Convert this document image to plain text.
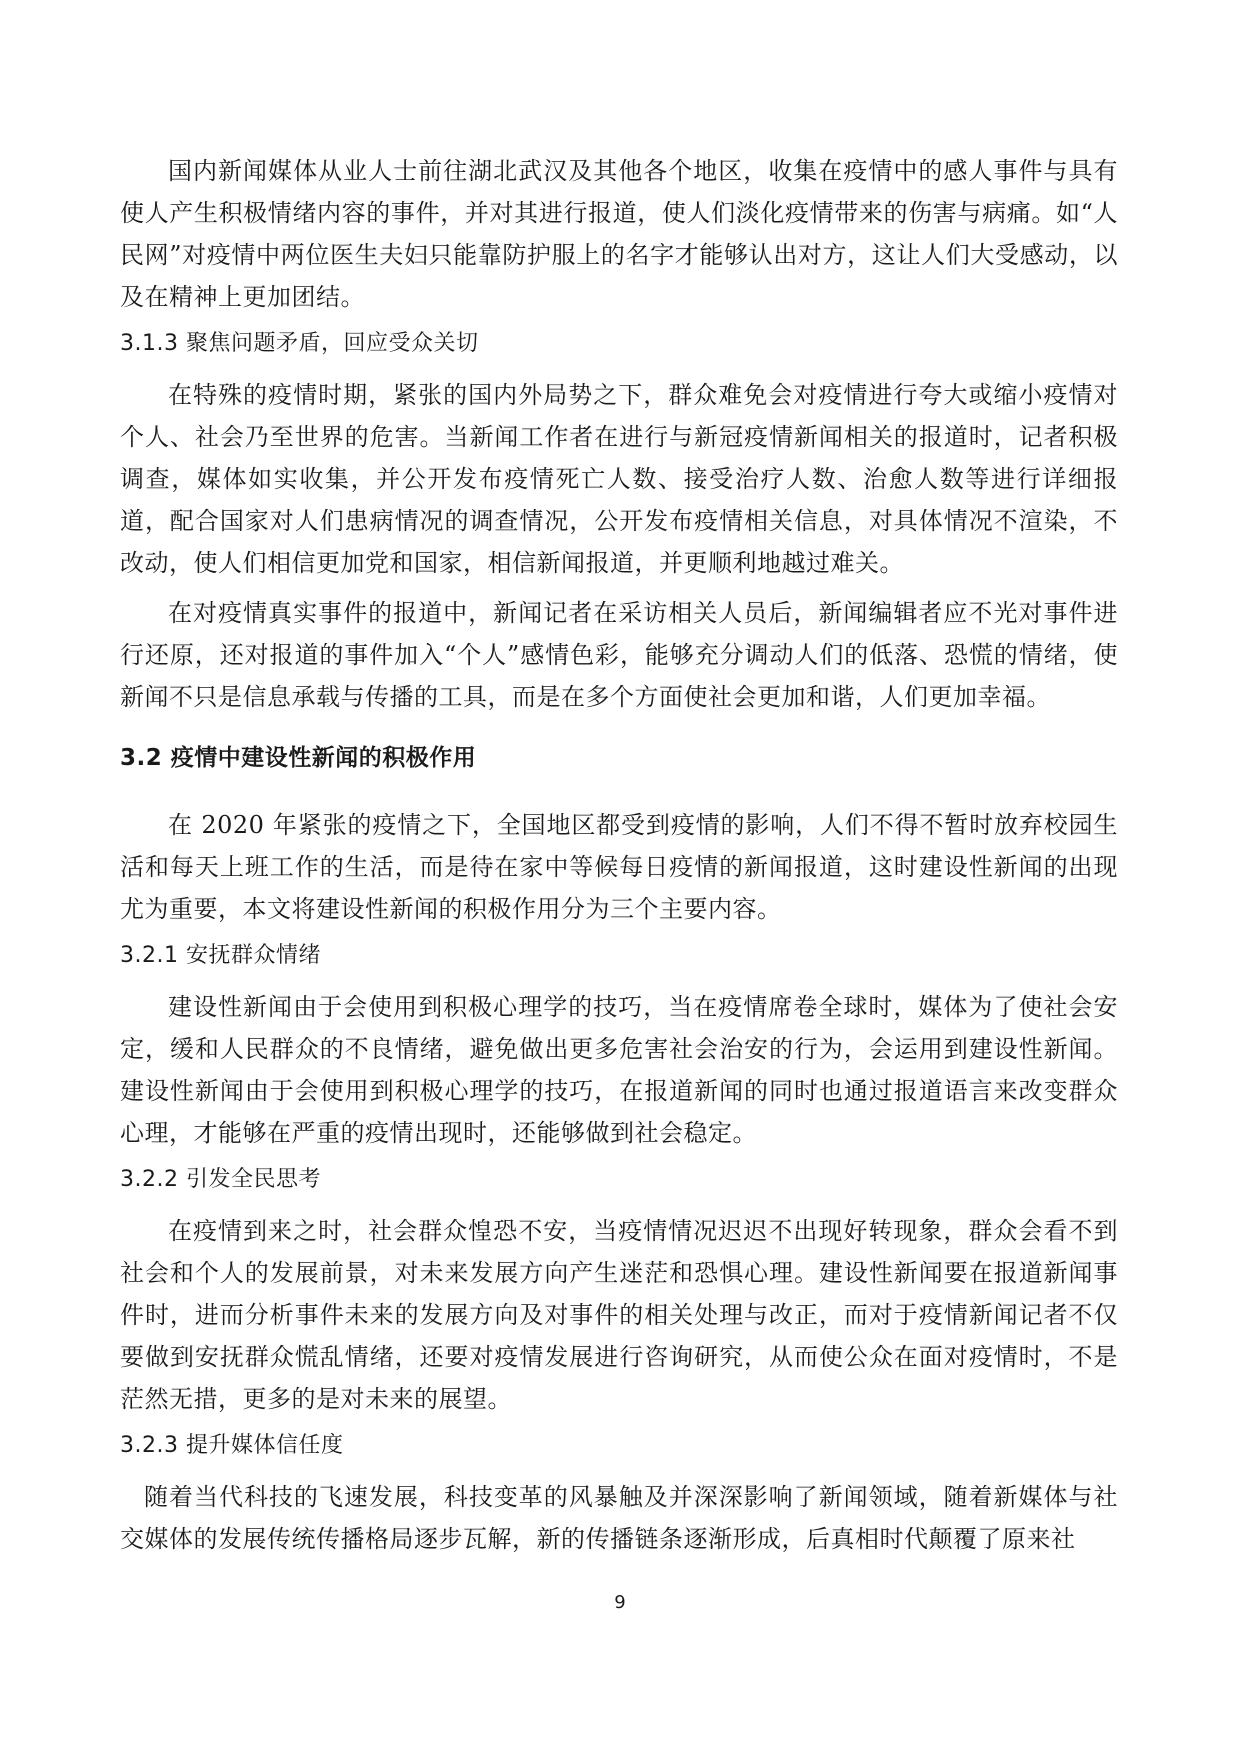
国内新闻媒体从业人士前往湖北武汉及其他各个地区，收集在疫情中的感人事件与具有使人产生积极情绪内容的事件，并对其进行报道，使人们淡化疫情带来的伤害与病痛。如“人民网”对疫情中两位医生夫妇只能靠防护服上的名字才能够认出对方，这让人们大受感动，以及在精神上更加团结。

3.1.3 聚焦问题矛盾，回应受众关切

在特殊的疫情时期，紧张的国内外局势之下，群众难免会对疫情进行夸大或缩小疫情对个人、社会乃至世界的危害。当新闻工作者在进行与新冠疫情新闻相关的报道时，记者积极调查，媒体如实收集，并公开发布疫情死亡人数、接受治疗人数、治愈人数等进行详细报道，配合国家对人们患病情况的调查情况，公开发布疫情相关信息，对具体情况不渲染，不改动，使人们相信更加党和国家，相信新闻报道，并更顺利地越过难关。

在对疫情真实事件的报道中，新闻记者在采访相关人员后，新闻编辑者应不光对事件进行还原，还对报道的事件加入“个人”感情色彩，能够充分调动人们的低落、恐慌的情绪，使新闻不只是信息承载与传播的工具，而是在多个方面使社会更加和谐，人们更加幸福。

3.2 疫情中建设性新闻的积极作用

在 2020 年紧张的疫情之下，全国地区都受到疫情的影响，人们不得不暂时放弃校园生活和每天上班工作的生活，而是待在家中等候每日疫情的新闻报道，这时建设性新闻的出现尤为重要，本文将建设性新闻的积极作用分为三个主要内容。

3.2.1 安抚群众情绪

建设性新闻由于会使用到积极心理学的技巧，当在疫情席卷全球时，媒体为了使社会安定，缓和人民群众的不良情绪，避免做出更多危害社会治安的行为，会运用到建设性新闻。建设性新闻由于会使用到积极心理学的技巧，在报道新闻的同时也通过报道语言来改变群众心理，才能够在严重的疫情出现时，还能够做到社会稳定。

3.2.2 引发全民思考

在疫情到来之时，社会群众惶恐不安，当疫情情况迟迟不出现好转现象，群众会看不到社会和个人的发展前景，对未来发展方向产生迷茫和恐惧心理。建设性新闻要在报道新闻事件时，进而分析事件未来的发展方向及对事件的相关处理与改正，而对于疫情新闻记者不仅要做到安抚群众慌乱情绪，还要对疫情发展进行咨询研究，从而使公众在面对疫情时，不是茫然无措，更多的是对未来的展望。

3.2.3 提升媒体信任度

随着当代科技的飞速发展，科技变革的风暴触及并深深影响了新闻领域，随着新媒体与社交媒体的发展传统传播格局逐步瓦解，新的传播链条逐渐形成，后真相时代颠覆了原来社

9
